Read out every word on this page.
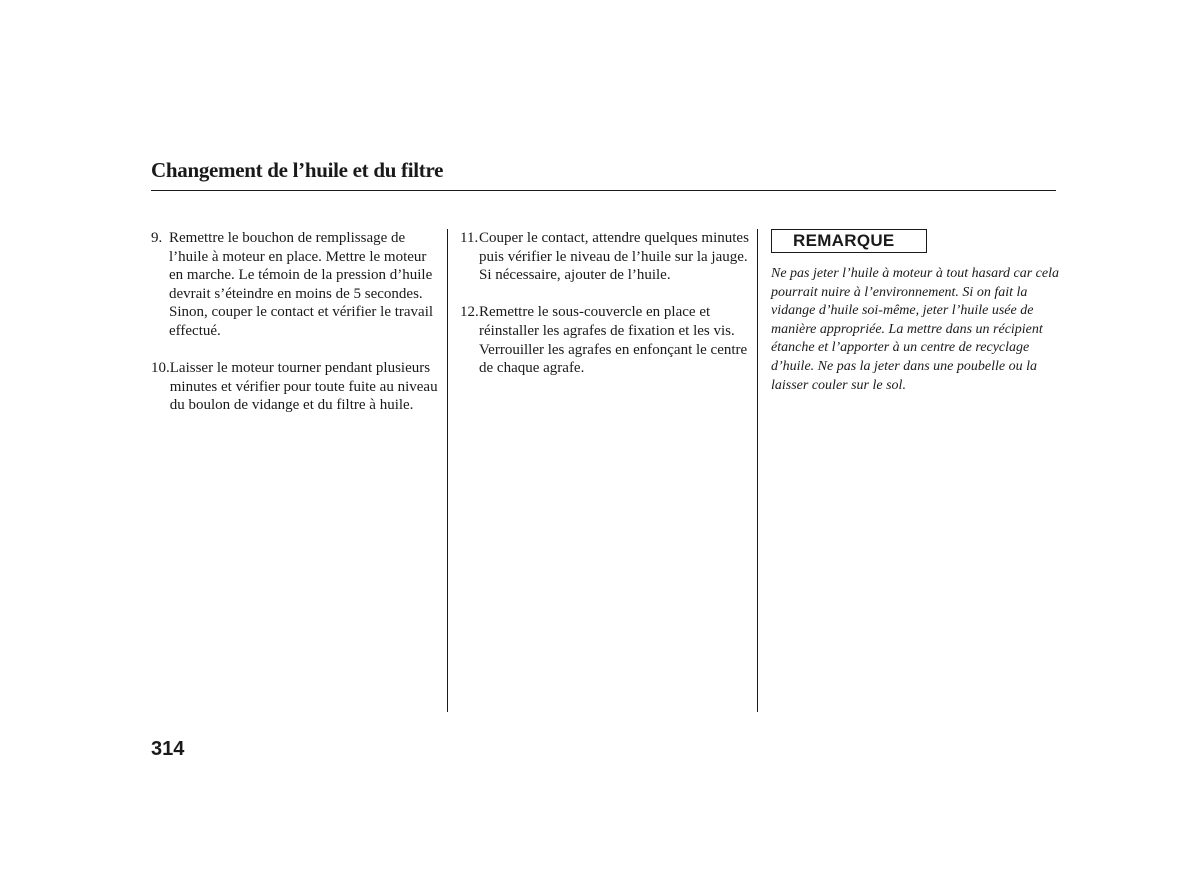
Changement de l’huile et du filtre
9. Remettre le bouchon de remplissage de l’huile à moteur en place. Mettre le moteur en marche. Le témoin de la pression d’huile devrait s’éteindre en moins de 5 secondes. Sinon, couper le contact et vérifier le travail effectué.
10. Laisser le moteur tourner pendant plusieurs minutes et vérifier pour toute fuite au niveau du boulon de vidange et du filtre à huile.
11. Couper le contact, attendre quelques minutes puis vérifier le niveau de l’huile sur la jauge. Si nécessaire, ajouter de l’huile.
12. Remettre le sous-couvercle en place et réinstaller les agrafes de fixation et les vis. Verrouiller les agrafes en enfonçant le centre de chaque agrafe.
REMARQUE
Ne pas jeter l’huile à moteur à tout hasard car cela pourrait nuire à l’environnement. Si on fait la vidange d’huile soi-même, jeter l’huile usée de manière appropriée. La mettre dans un récipient étanche et l’apporter à un centre de recyclage d’huile. Ne pas la jeter dans une poubelle ou la laisser couler sur le sol.
314
